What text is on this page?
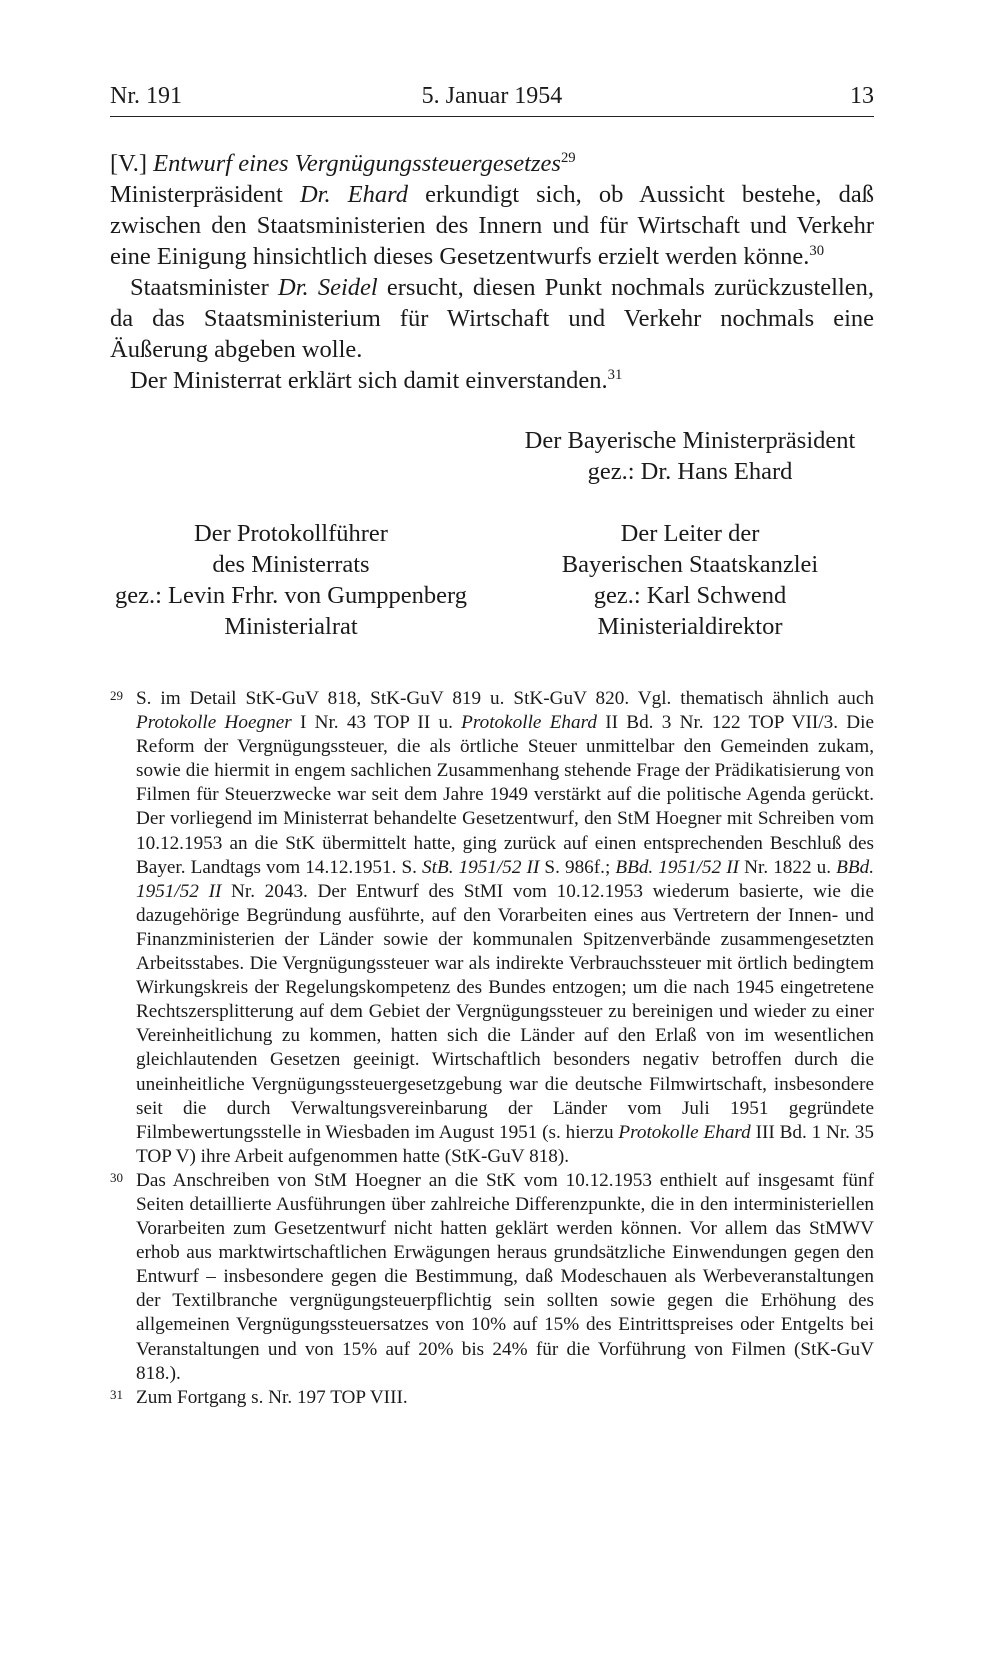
Nr. 191	5. Januar 1954	13

[V.] Entwurf eines Vergnügungssteuergesetzes$^{29}$

Ministerpräsident Dr. Ehard erkundigt sich, ob Aussicht bestehe, daß zwischen den Staatsministerien des Innern und für Wirtschaft und Verkehr eine Einigung hinsichtlich dieses Gesetzentwurfs erzielt werden könne.$^{30}$

Staatsminister Dr. Seidel ersucht, diesen Punkt nochmals zurückzustellen, da das Staatsministerium für Wirtschaft und Verkehr nochmals eine Äußerung abgeben wolle.

Der Ministerrat erklärt sich damit einverstanden.$^{31}$

Der Bayerische Ministerpräsident
gez.: Dr. Hans Ehard
Der Protokollführer
des Ministerrats
gez.: Levin Frhr. von Gumppenberg
Ministerialrat
Der Leiter der
Bayerischen Staatskanzlei
gez.: Karl Schwend
Ministerialdirektor

29 S. im Detail StK-GuV 818, StK-GuV 819 u. StK-GuV 820. Vgl. thematisch ähnlich auch Protokolle Hoegner I Nr. 43 TOP II u. Protokolle Ehard II Bd. 3 Nr. 122 TOP VII/3. Die Reform der Vergnügungssteuer, die als örtliche Steuer unmittelbar den Gemeinden zukam, sowie die hiermit in engem sachlichen Zusammenhang stehende Frage der Prädikatisierung von Filmen für Steuerzwecke war seit dem Jahre 1949 verstärkt auf die politische Agenda gerückt. Der vorliegend im Ministerrat behandelte Gesetzentwurf, den StM Hoegner mit Schreiben vom 10.12.1953 an die StK übermittelt hatte, ging zurück auf einen entsprechenden Beschluß des Bayer. Landtags vom 14.12.1951. S. StB. 1951/52 II S. 986f.; BBd. 1951/52 II Nr. 1822 u. BBd. 1951/52 II Nr. 2043. Der Entwurf des StMI vom 10.12.1953 wiederum basierte, wie die dazugehörige Begründung ausführte, auf den Vorarbeiten eines aus Vertretern der Innen- und Finanzministerien der Länder sowie der kommunalen Spitzenverbände zusammengesetzten Arbeitsstabes. Die Vergnügungssteuer war als indirekte Verbrauchssteuer mit örtlich bedingtem Wirkungskreis der Regelungskompetenz des Bundes entzogen; um die nach 1945 eingetretene Rechtszersplitterung auf dem Gebiet der Vergnügungssteuer zu bereinigen und wieder zu einer Vereinheitlichung zu kommen, hatten sich die Länder auf den Erlaß von im wesentlichen gleichlautenden Gesetzen geeinigt. Wirtschaftlich besonders negativ betroffen durch die uneinheitliche Vergnügungssteuergesetzgebung war die deutsche Filmwirtschaft, insbesondere seit die durch Verwaltungsvereinbarung der Länder vom Juli 1951 gegründete Filmbewertungsstelle in Wiesbaden im August 1951 (s. hierzu Protokolle Ehard III Bd. 1 Nr. 35 TOP V) ihre Arbeit aufgenommen hatte (StK-GuV 818).

30 Das Anschreiben von StM Hoegner an die StK vom 10.12.1953 enthielt auf insgesamt fünf Seiten detaillierte Ausführungen über zahlreiche Differenzpunkte, die in den interministeriellen Vorarbeiten zum Gesetzentwurf nicht hatten geklärt werden können. Vor allem das StMWV erhob aus marktwirtschaftlichen Erwägungen heraus grundsätzliche Einwendungen gegen den Entwurf – insbesondere gegen die Bestimmung, daß Modeschauen als Werbeveranstaltungen der Textilbranche vergnügungsteuerpflichtig sein sollten sowie gegen die Erhöhung des allgemeinen Vergnügungssteuersatzes von 10% auf 15% des Eintrittspreises oder Entgelts bei Veranstaltungen und von 15% auf 20% bis 24% für die Vorführung von Filmen (StK-GuV 818.).

31 Zum Fortgang s. Nr. 197 TOP VIII.
